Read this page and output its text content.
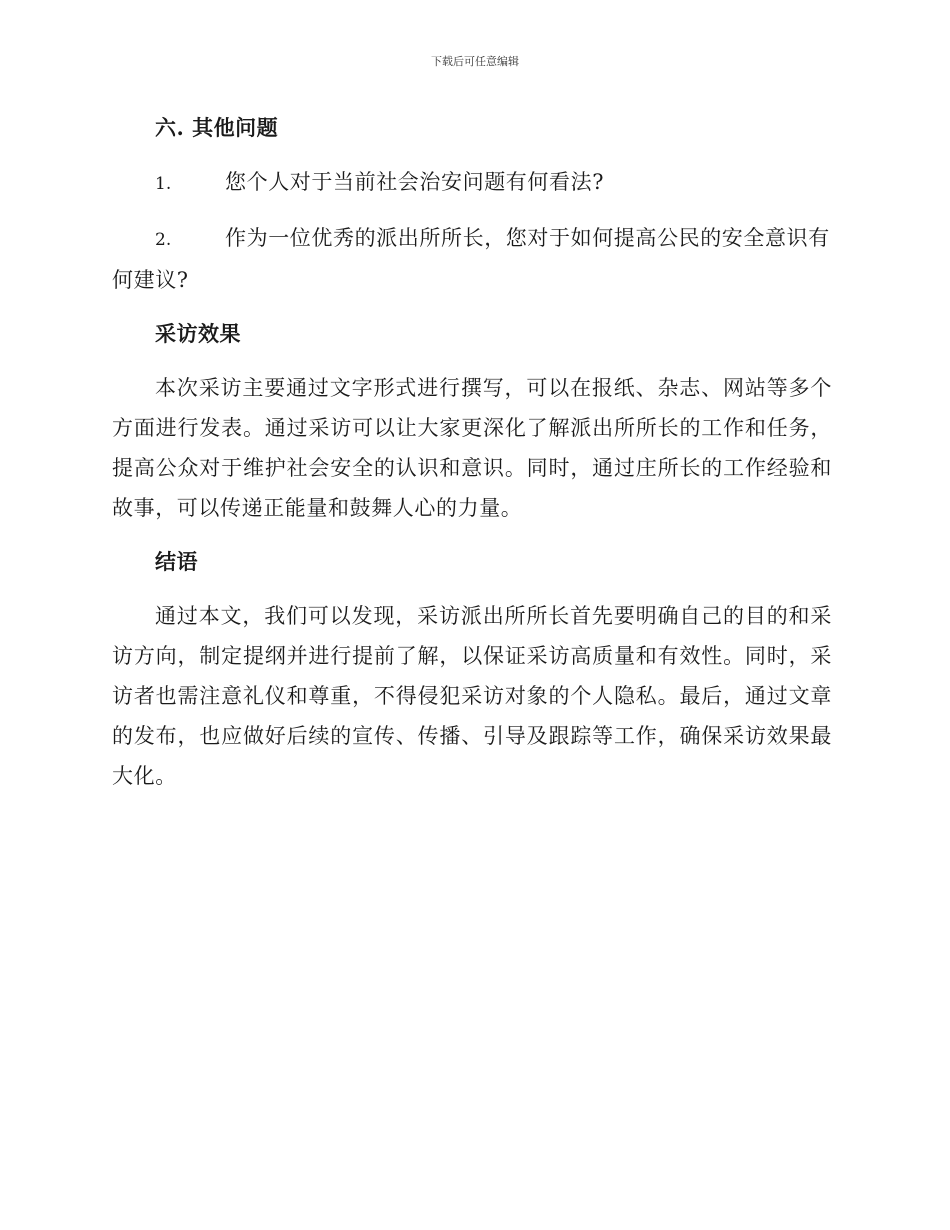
下载后可任意编辑
六. 其他问题
1.	您个人对于当前社会治安问题有何看法?
2.	作为一位优秀的派出所所长，您对于如何提高公民的安全意识有何建议?
采访效果

本次采访主要通过文字形式进行撰写，可以在报纸、杂志、网站等多个方面进行发表。通过采访可以让大家更深化了解派出所所长的工作和任务，提高公众对于维护社会安全的认识和意识。同时，通过庄所长的工作经验和故事，可以传递正能量和鼓舞人心的力量。

结语

通过本文，我们可以发现，采访派出所所长首先要明确自己的目的和采访方向，制定提纲并进行提前了解，以保证采访高质量和有效性。同时，采访者也需注意礼仪和尊重，不得侵犯采访对象的个人隐私。最后，通过文章的发布，也应做好后续的宣传、传播、引导及跟踪等工作，确保采访效果最大化。
